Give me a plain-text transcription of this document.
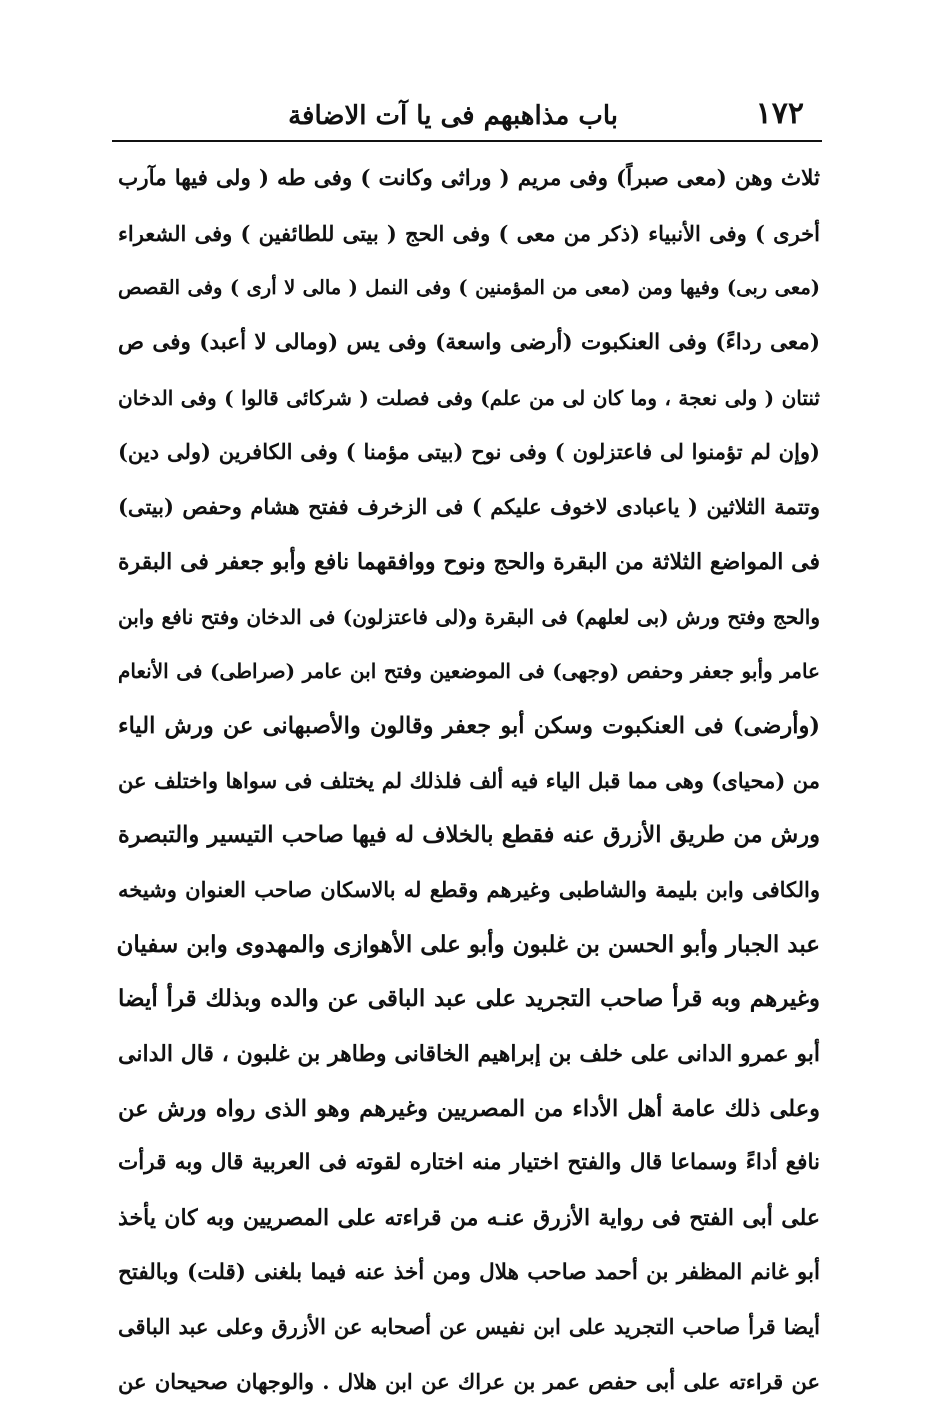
١٧٢
باب مذاهبهم فى يا آت الاضافة
ثلاث وهن (معى صبراً) وفى مريم ( وراثى وكانت ) وفى طه ( ولى فيها مآرب
أخرى ) وفى الأنبياء (ذكر من معى ) وفى الحج ( بيتى للطائفين ) وفى الشعراء
(معى ربى) وفيها ومن (معى من المؤمنين ) وفى النمل ( مالى لا أرى ) وفى القصص
(معى رداءً) وفى العنكبوت (أرضى واسعة) وفى يس (ومالى لا أعبد) وفى ص
ثنتان ( ولى نعجة ، وما كان لى من علم) وفى فصلت ( شركائى قالوا ) وفى الدخان
(وإن لم تؤمنوا لى فاعتزلون ) وفى نوح (بيتى مؤمنا ) وفى الكافرين (ولى دين)
وتتمة الثلاثين ( ياعبادى لاخوف عليكم ) فى الزخرف ففتح هشام وحفص (بيتى)
فى المواضع الثلاثة من البقرة والحج ونوح ووافقهما نافع وأبو جعفر فى البقرة
والحج وفتح ورش (بى لعلهم) فى البقرة و(لى فاعتزلون) فى الدخان وفتح نافع وابن
عامر وأبو جعفر وحفص (وجهى) فى الموضعين وفتح ابن عامر (صراطى) فى الأنعام
(وأرضى) فى العنكبوت وسكن أبو جعفر وقالون والأصبهانى عن ورش الياء
من (محياى) وهى مما قبل الياء فيه ألف فلذلك لم يختلف فى سواها واختلف عن
ورش من طريق الأزرق عنه فقطع بالخلاف له فيها صاحب التيسير والتبصرة
والكافى وابن بليمة والشاطبى وغيرهم وقطع له بالاسكان صاحب العنوان وشيخه
عبد الجبار وأبو الحسن بن غلبون وأبو على الأهوازى والمهدوى وابن سفيان
وغيرهم وبه قرأ صاحب التجريد على عبد الباقى عن والده وبذلك قرأ أيضا
أبو عمرو الدانى على خلف بن إبراهيم الخاقانى وطاهر بن غلبون ، قال الدانى
وعلى ذلك عامة أهل الأداء من المصريين وغيرهم وهو الذى رواه ورش عن
نافع أداءً وسماعا قال والفتح اختيار منه اختاره لقوته فى العربية قال وبه قرأت
على أبى الفتح فى رواية الأزرق عنـه من قراءته على المصريين وبه كان يأخذ
أبو غانم المظفر بن أحمد صاحب هلال ومن أخذ عنه فيما بلغنى (قلت) وبالفتح
أيضا قرأ صاحب التجريد على ابن نفيس عن أصحابه عن الأزرق وعلى عبد الباقى
عن قراءته على أبى حفص عمر بن عراك عن ابن هلال . والوجهان صحيحان عن
